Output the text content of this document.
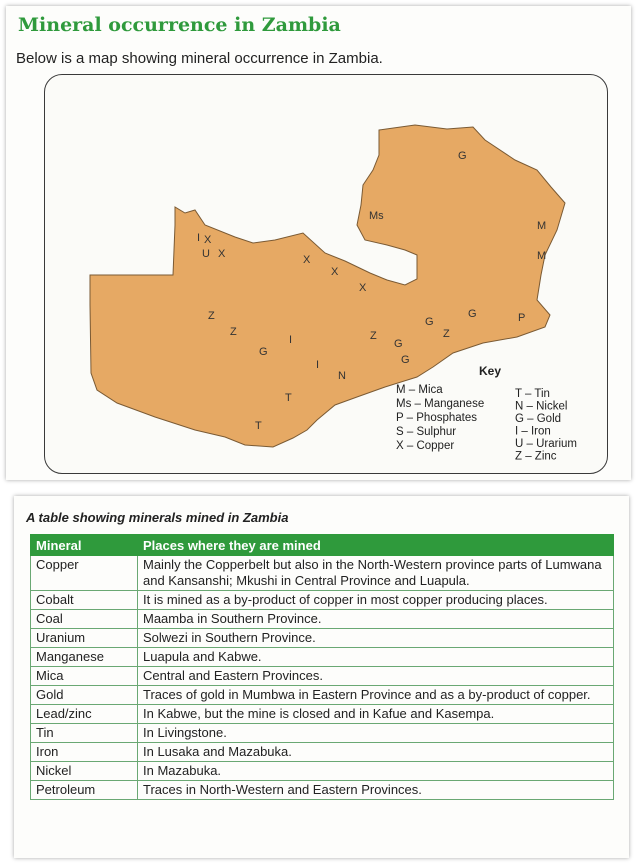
Mineral occurrence in Zambia
Below is a map showing mineral occurrence in Zambia.
G
Ms
M
M
I X
U X	X
X
X
Z
Z
G
I
I
N
Z
G
G
G
Z
G	P
T
T
Key
M – Mica
Ms – Manganese
P – Phosphates
S – Sulphur
X – Copper
T – Tin
N – Nickel
G – Gold
I – Iron
U – Urarium
Z – Zinc
A table showing minerals mined in Zambia
Mineral	Places where they are mined
Copper	Mainly the Copperbelt but also in the North-Western province parts of Lumwana and Kansanshi; Mkushi in Central Province and Luapula.
Cobalt	It is mined as a by-product of copper in most copper producing places.
Coal	Maamba in Southern Province.
Uranium	Solwezi in Southern Province.
Manganese	Luapula and Kabwe.
Mica	Central and Eastern Provinces.
Gold	Traces of gold in Mumbwa in Eastern Province and as a by-product of copper.
Lead/zinc	In Kabwe, but the mine is closed and in Kafue and Kasempa.
Tin	In Livingstone.
Iron	In Lusaka and Mazabuka.
Nickel	In Mazabuka.
Petroleum	Traces in North-Western and Eastern Provinces.
